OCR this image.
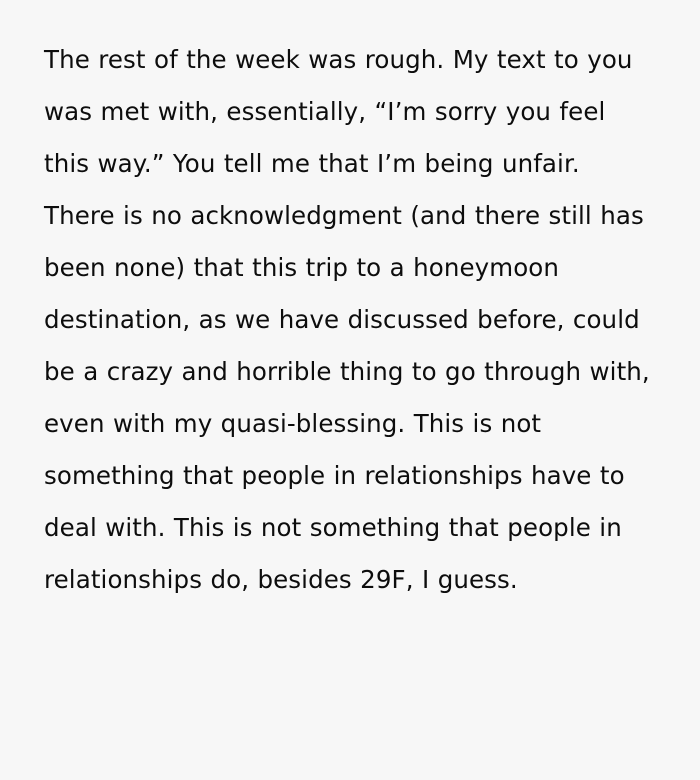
The rest of the week was rough. My text to you was met with, essentially, “I’m sorry you feel this way.” You tell me that I’m being unfair.

There is no acknowledgment (and there still has been none) that this trip to a honeymoon destination, as we have discussed before, could be a crazy and horrible thing to go through with, even with my quasi-blessing. This is not something that people in relationships have to deal with. This is not something that people in relationships do, besides 29F, I guess.
